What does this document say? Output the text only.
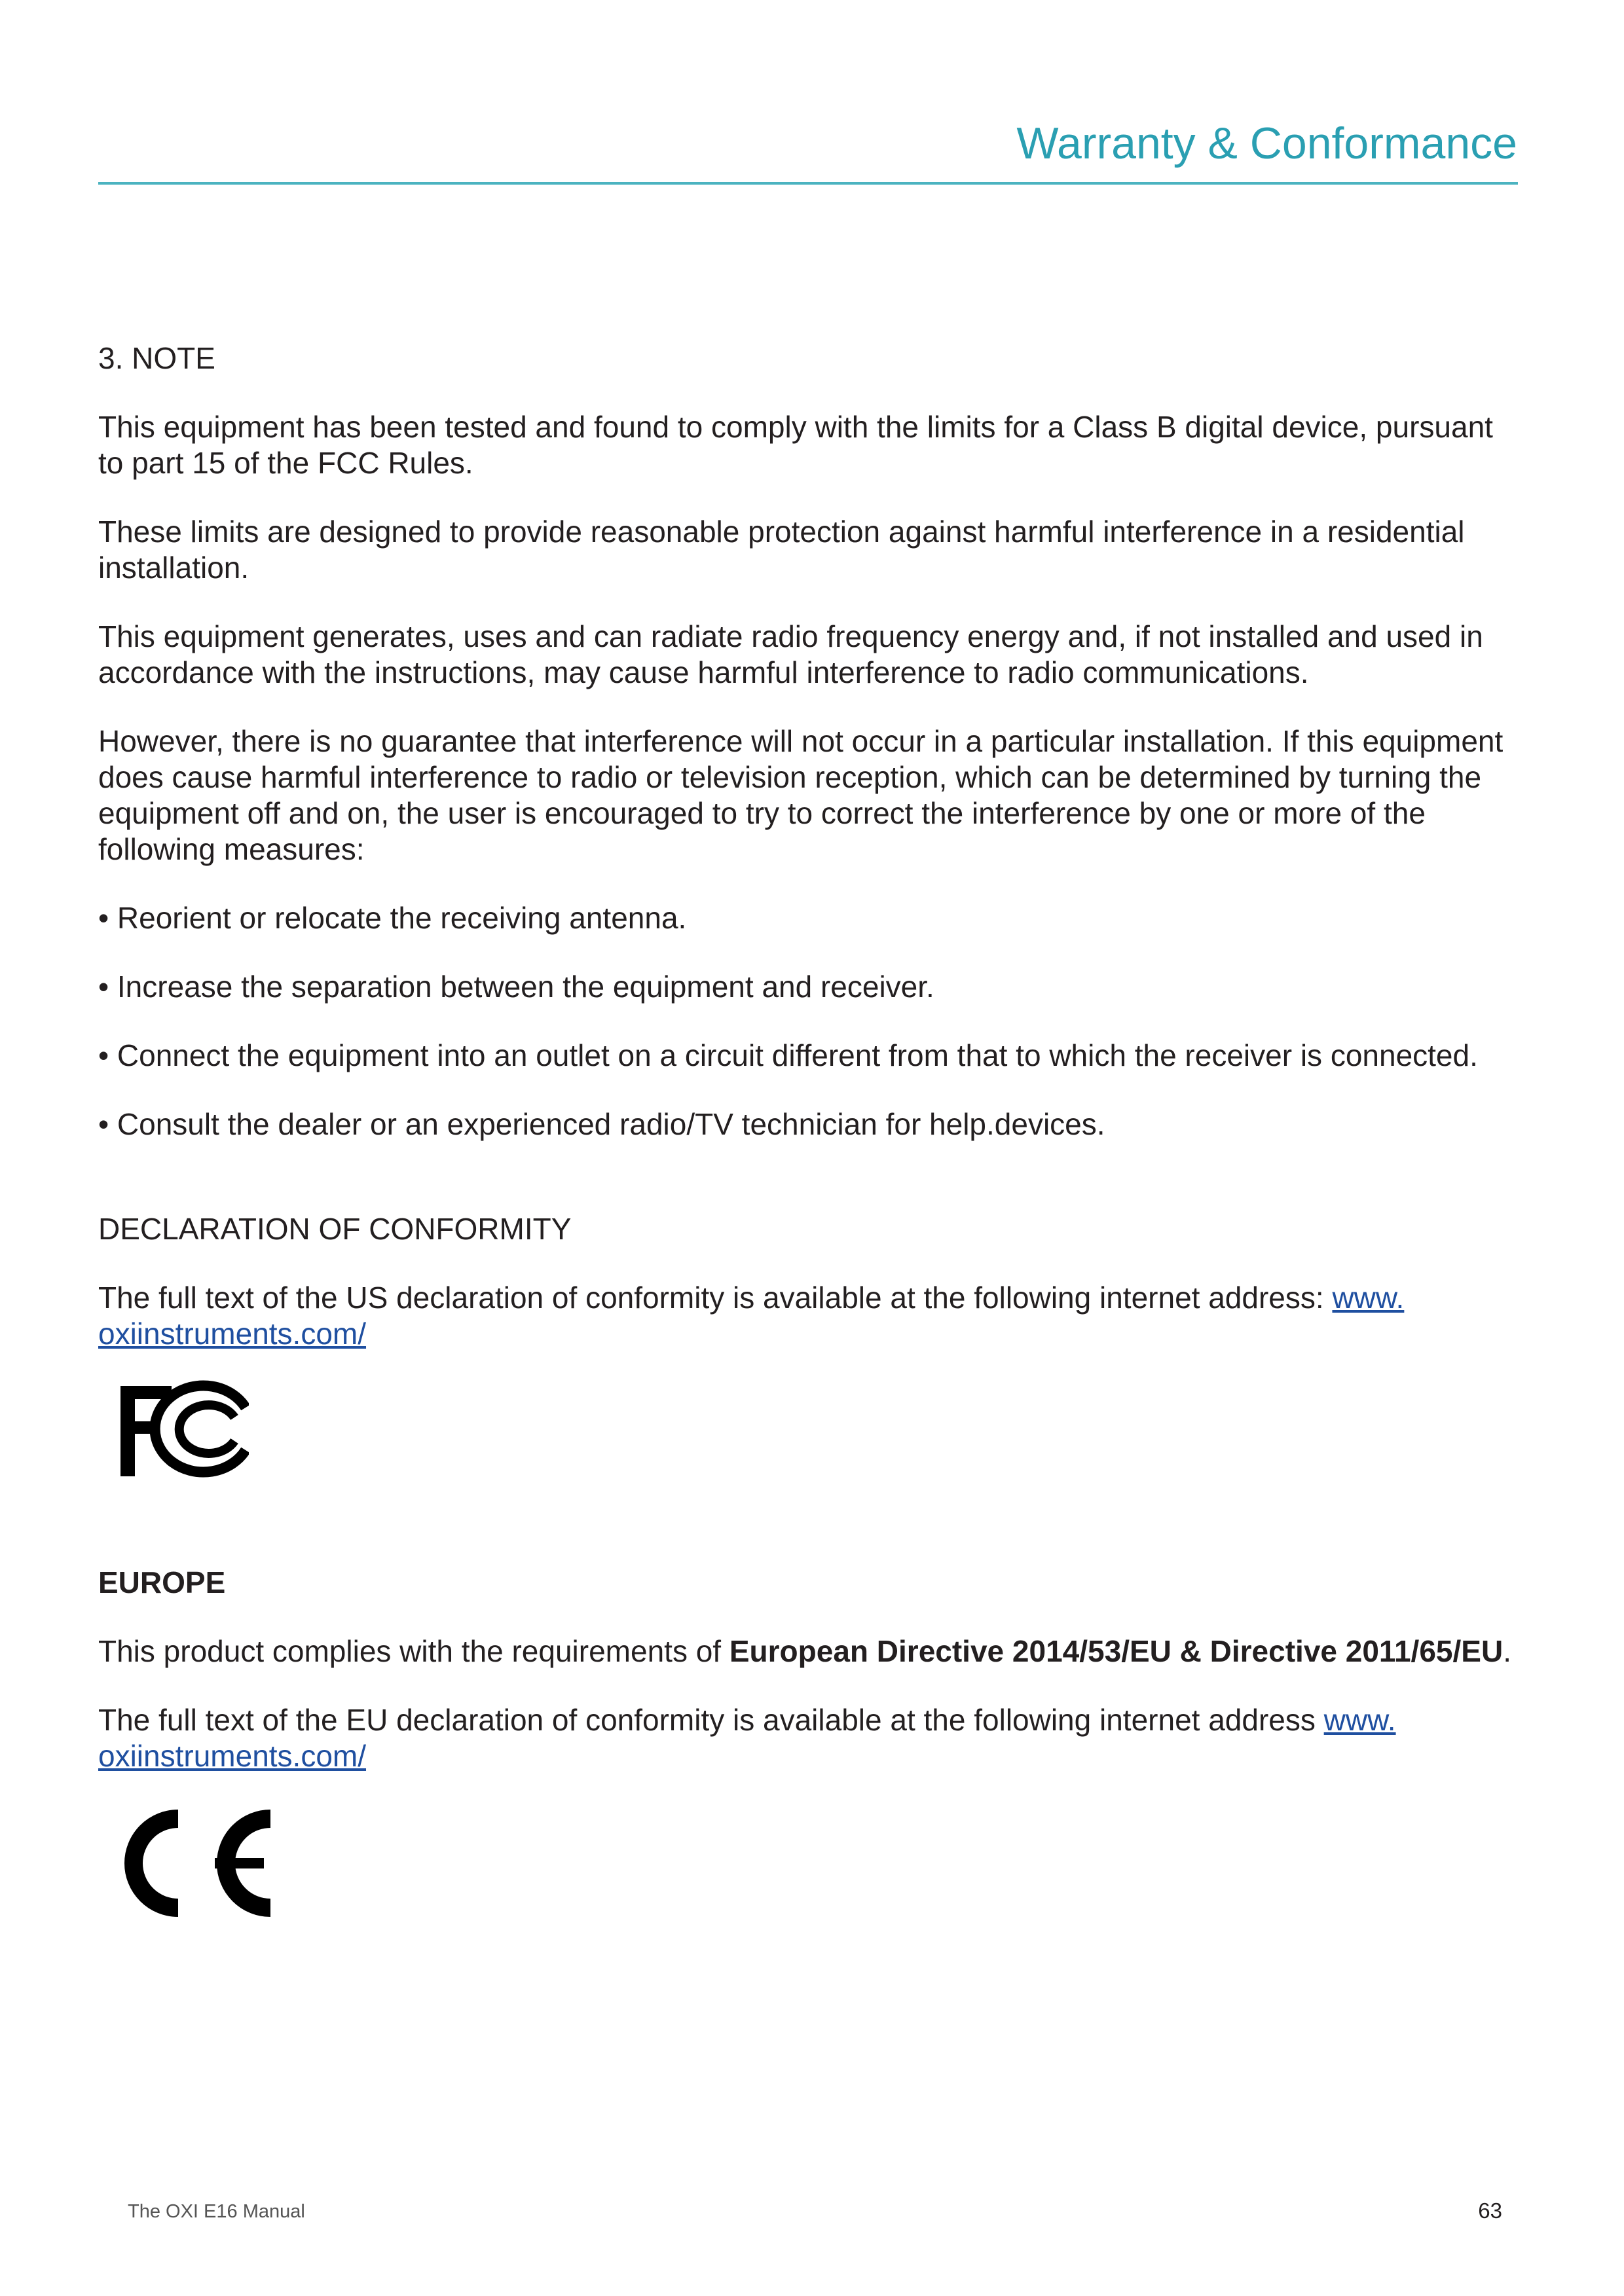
Warranty & Conformance

3. NOTE

This equipment has been tested and found to comply with the limits for a Class B digital device, pursuant to part 15 of the FCC Rules.

These limits are designed to provide reasonable protection against harmful interference in a residential installation.

This equipment generates, uses and can radiate radio frequency energy and, if not installed and used in accordance with the instructions, may cause harmful interference to radio communications.

However, there is no guarantee that interference will not occur in a particular installation. If this equipment does cause harmful interference to radio or television reception, which can be determined by turning the equipment off and on, the user is encouraged to try to correct the interference by one or more of the following measures:

• Reorient or relocate the receiving antenna.

• Increase the separation between the equipment and receiver.

• Connect the equipment into an outlet on a circuit different from that to which the receiver is connected.

• Consult the dealer or an experienced radio/TV technician for help.devices.

DECLARATION OF CONFORMITY

The full text of the US declaration of conformity is available at the following internet address: www.
oxiinstruments.com/

EUROPE

This product complies with the requirements of European Directive 2014/53/EU & Directive 2011/65/EU.

The full text of the EU declaration of conformity is available at the following internet address www.
oxiinstruments.com/

The OXI E16 Manual	63
